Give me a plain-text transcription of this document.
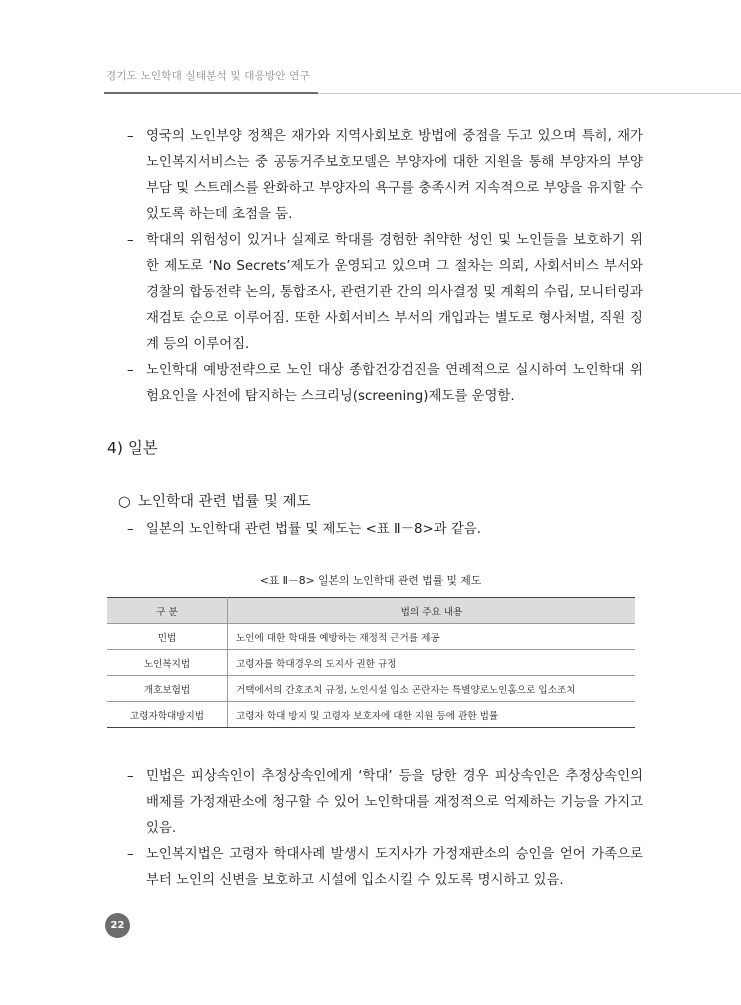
경기도 노인학대 실태분석 및 대응방안 연구
– 영국의 노인부양 정책은 재가와 지역사회보호 방법에 중점을 두고 있으며 특히, 재가노인복지서비스는 중 공동거주보호모델은 부양자에 대한 지원을 통해 부양자의 부양부담 및 스트레스를 완화하고 부양자의 욕구를 충족시켜 지속적으로 부양을 유지할 수 있도록 하는데 초점을 둠.
– 학대의 위험성이 있거나 실제로 학대를 경험한 취약한 성인 및 노인들을 보호하기 위한 제도로 ‘No Secrets’제도가 운영되고 있으며 그 절차는 의뢰, 사회서비스 부서와 경찰의 합동전략 논의, 통합조사, 관련기관 간의 의사결정 및 계획의 수립, 모니터링과 재검토 순으로 이루어짐. 또한 사회서비스 부서의 개입과는 별도로 형사처벌, 직원 징계 등의 이루어짐.
– 노인학대 예방전략으로 노인 대상 종합건강검진을 연례적으로 실시하여 노인학대 위험요인을 사전에 탐지하는 스크리닝(screening)제도를 운영함.
4) 일본
○ 노인학대 관련 법률 및 제도
– 일본의 노인학대 관련 법률 및 제도는 <표 Ⅱ－8>과 같음.
<표 Ⅱ－8> 일본의 노인학대 관련 법률 및 제도
구 분	법의 주요 내용
민법	노인에 대한 학대를 예방하는 재정적 근거를 제공
노인복지법	고령자를 학대경우의 도지사 권한 규정
개호보험법	거택에서의 간호조치 규정, 노인시설 입소 곤란자는 특별양로노인홈으로 입소조치
고령자학대방지법	고령자 학대 방지 및 고령자 보호자에 대한 지원 등에 관한 법률
– 민법은 피상속인이 추정상속인에게 ‘학대’ 등을 당한 경우 피상속인은 추정상속인의 배제를 가정재판소에 청구할 수 있어 노인학대를 재정적으로 억제하는 기능을 가지고 있음.
– 노인복지법은 고령자 학대사례 발생시 도지사가 가정재판소의 승인을 얻어 가족으로부터 노인의 신변을 보호하고 시설에 입소시킬 수 있도록 명시하고 있음.
22
